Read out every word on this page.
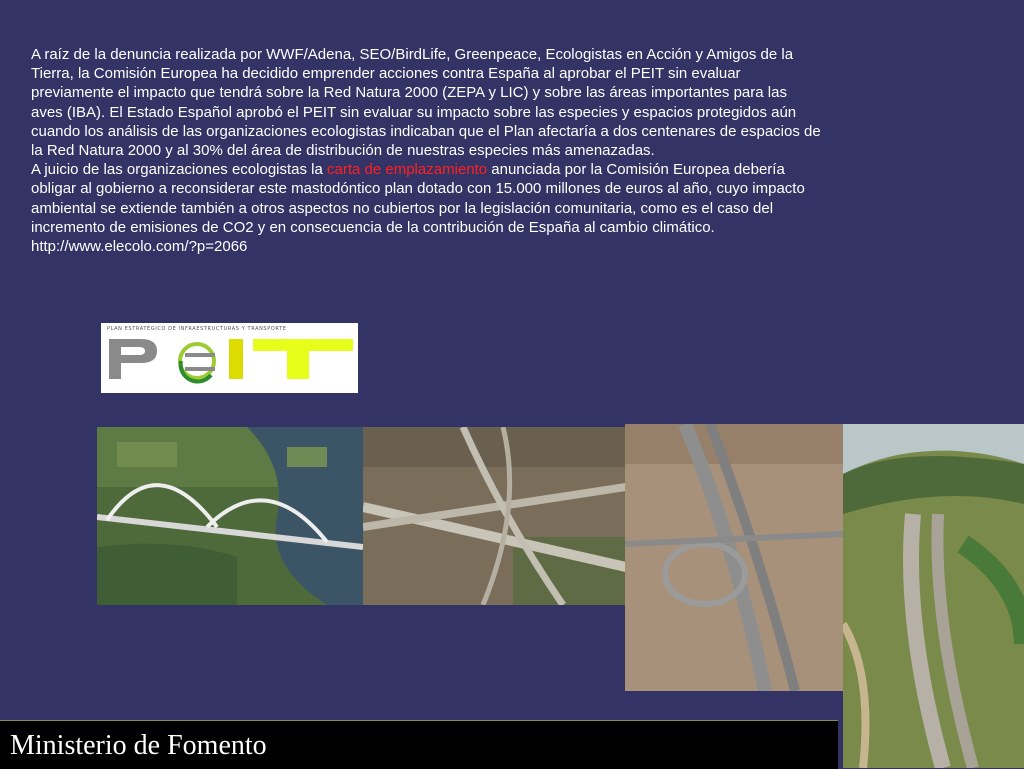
A raíz de la denuncia realizada por WWF/Adena, SEO/BirdLife, Greenpeace, Ecologistas en Acción y Amigos de la Tierra, la Comisión Europea ha decidido emprender acciones contra España al aprobar el PEIT sin evaluar previamente el impacto que tendrá sobre la Red Natura 2000 (ZEPA y LIC) y sobre las áreas importantes para las aves (IBA). El Estado Español aprobó el PEIT sin evaluar su impacto sobre las especies y espacios protegidos aún cuando los análisis de las organizaciones ecologistas indicaban que el Plan afectaría a dos centenares de espacios de la Red Natura 2000 y al 30% del área de distribución de nuestras especies más amenazadas.

A juicio de las organizaciones ecologistas la carta de emplazamiento anunciada por la Comisión Europea debería obligar al gobierno a reconsiderar este mastodóntico plan dotado con 15.000 millones de euros al año, cuyo impacto ambiental se extiende también a otros aspectos no cubiertos por la legislación comunitaria, como es el caso del incremento de emisiones de CO2 y en consecuencia de la contribución de España al cambio climático.

http://www.elecolo.com/?p=2066

PLAN ESTRATÉGICO DE INFRAESTRUCTURAS Y TRANSPORTE
Ministerio de Fomento
